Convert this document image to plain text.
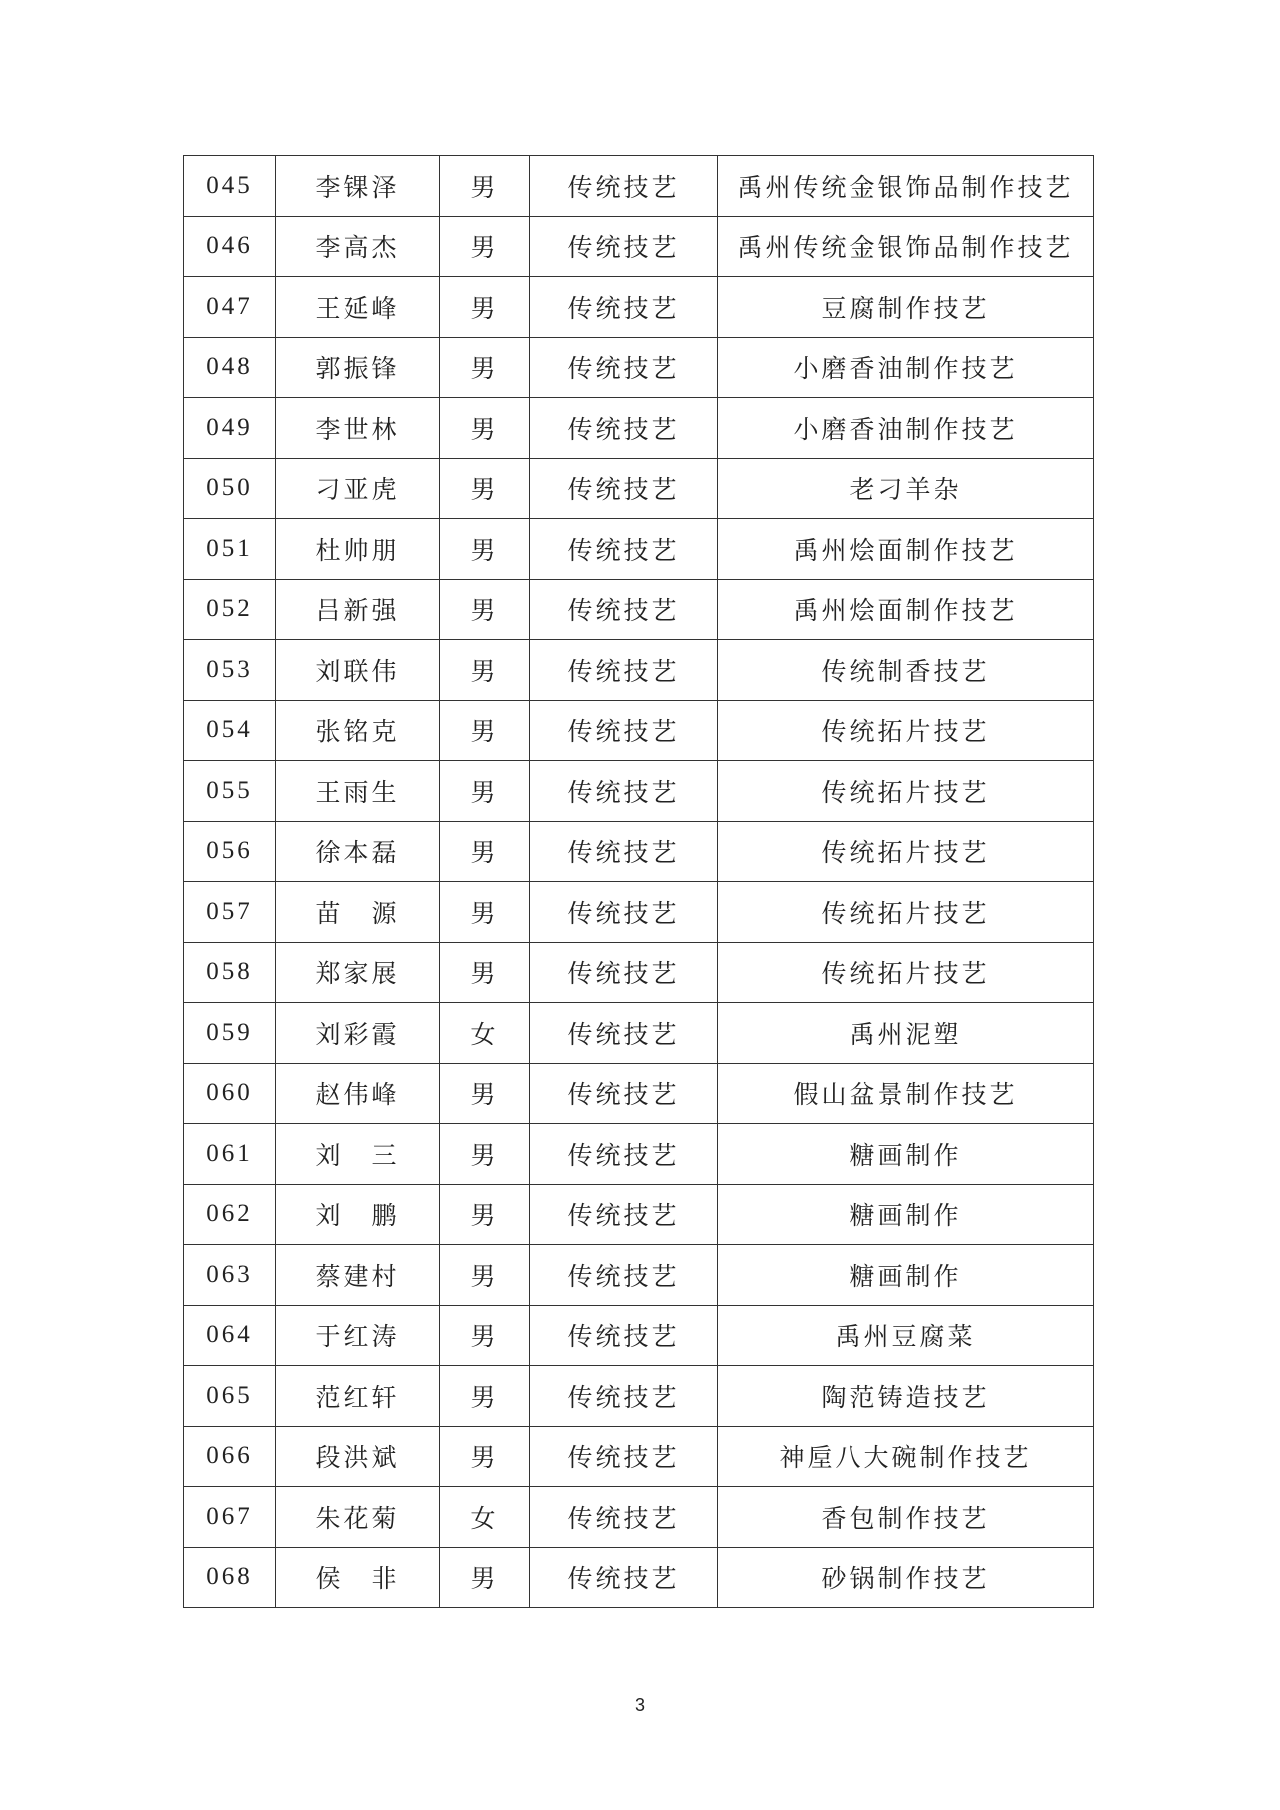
045	李锞泽	男	传统技艺	禹州传统金银饰品制作技艺
046	李高杰	男	传统技艺	禹州传统金银饰品制作技艺
047	王延峰	男	传统技艺	豆腐制作技艺
048	郭振锋	男	传统技艺	小磨香油制作技艺
049	李世林	男	传统技艺	小磨香油制作技艺
050	刁亚虎	男	传统技艺	老刁羊杂
051	杜帅朋	男	传统技艺	禹州烩面制作技艺
052	吕新强	男	传统技艺	禹州烩面制作技艺
053	刘联伟	男	传统技艺	传统制香技艺
054	张铭克	男	传统技艺	传统拓片技艺
055	王雨生	男	传统技艺	传统拓片技艺
056	徐本磊	男	传统技艺	传统拓片技艺
057	苗　源	男	传统技艺	传统拓片技艺
058	郑家展	男	传统技艺	传统拓片技艺
059	刘彩霞	女	传统技艺	禹州泥塑
060	赵伟峰	男	传统技艺	假山盆景制作技艺
061	刘　三	男	传统技艺	糖画制作
062	刘　鹏	男	传统技艺	糖画制作
063	蔡建村	男	传统技艺	糖画制作
064	于红涛	男	传统技艺	禹州豆腐菜
065	范红轩	男	传统技艺	陶范铸造技艺
066	段洪斌	男	传统技艺	神垕八大碗制作技艺
067	朱花菊	女	传统技艺	香包制作技艺
068	侯　非	男	传统技艺	砂锅制作技艺
3
